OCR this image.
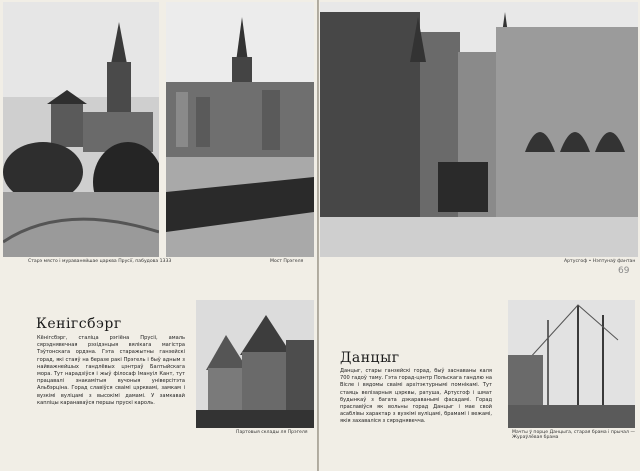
Старэ място і мураванейшае царква Прусії, пабудова 1333	Мост Прэгеля
Кенігсбэрг
Кёнігсбэрг, сталіца рэгіёна Прусіі, амаль сярэднявечная рэзідэнцыя вялікага магістра Тэўтонскага ордэна. Гэта старажытны ганзейскі горад, які стаяў на беразе ракі Прэгель і быў адным з найважнейшых гандлёвых цэнтраў Балтыйскага мора. Тут нарадзіўся і жыў філосаф Імануіл Кант, тут працавалі знакамітыя вучоныя універсітэта Альбэрціна. Горад славіўся сваімі цэрквамі, замкам і вузкімі вуліцамі з высокімі дамамі. У замкавай капліцы каранаваўся першы прускі кароль.
Партовыя склады ля Прэгеля
Артусгоф • Нэптунаў фантан
Данцыг
Данцыг, стары ганзейскі горад, быў заснаваны каля 700 гадоў таму. Гэта горад-цэнтр Польскага гандлю на Віслe і вядомы сваімі архітэктурнымі помнікамі. Тут стаяць велізарныя цэрквы, ратуша, Артусгоф і шмат будынкаў з багата дэкараванымі фасадамі. Горад праславіўся як вольны горад Данцыг і мае свой асаблівы характар з вузкімі вуліцамі, брамамі і вежамі, якія захаваліся з сярэднявечча.
Мачты ў порце Данцыга, старая брама і прычал — Жураўлёвая брама
69
